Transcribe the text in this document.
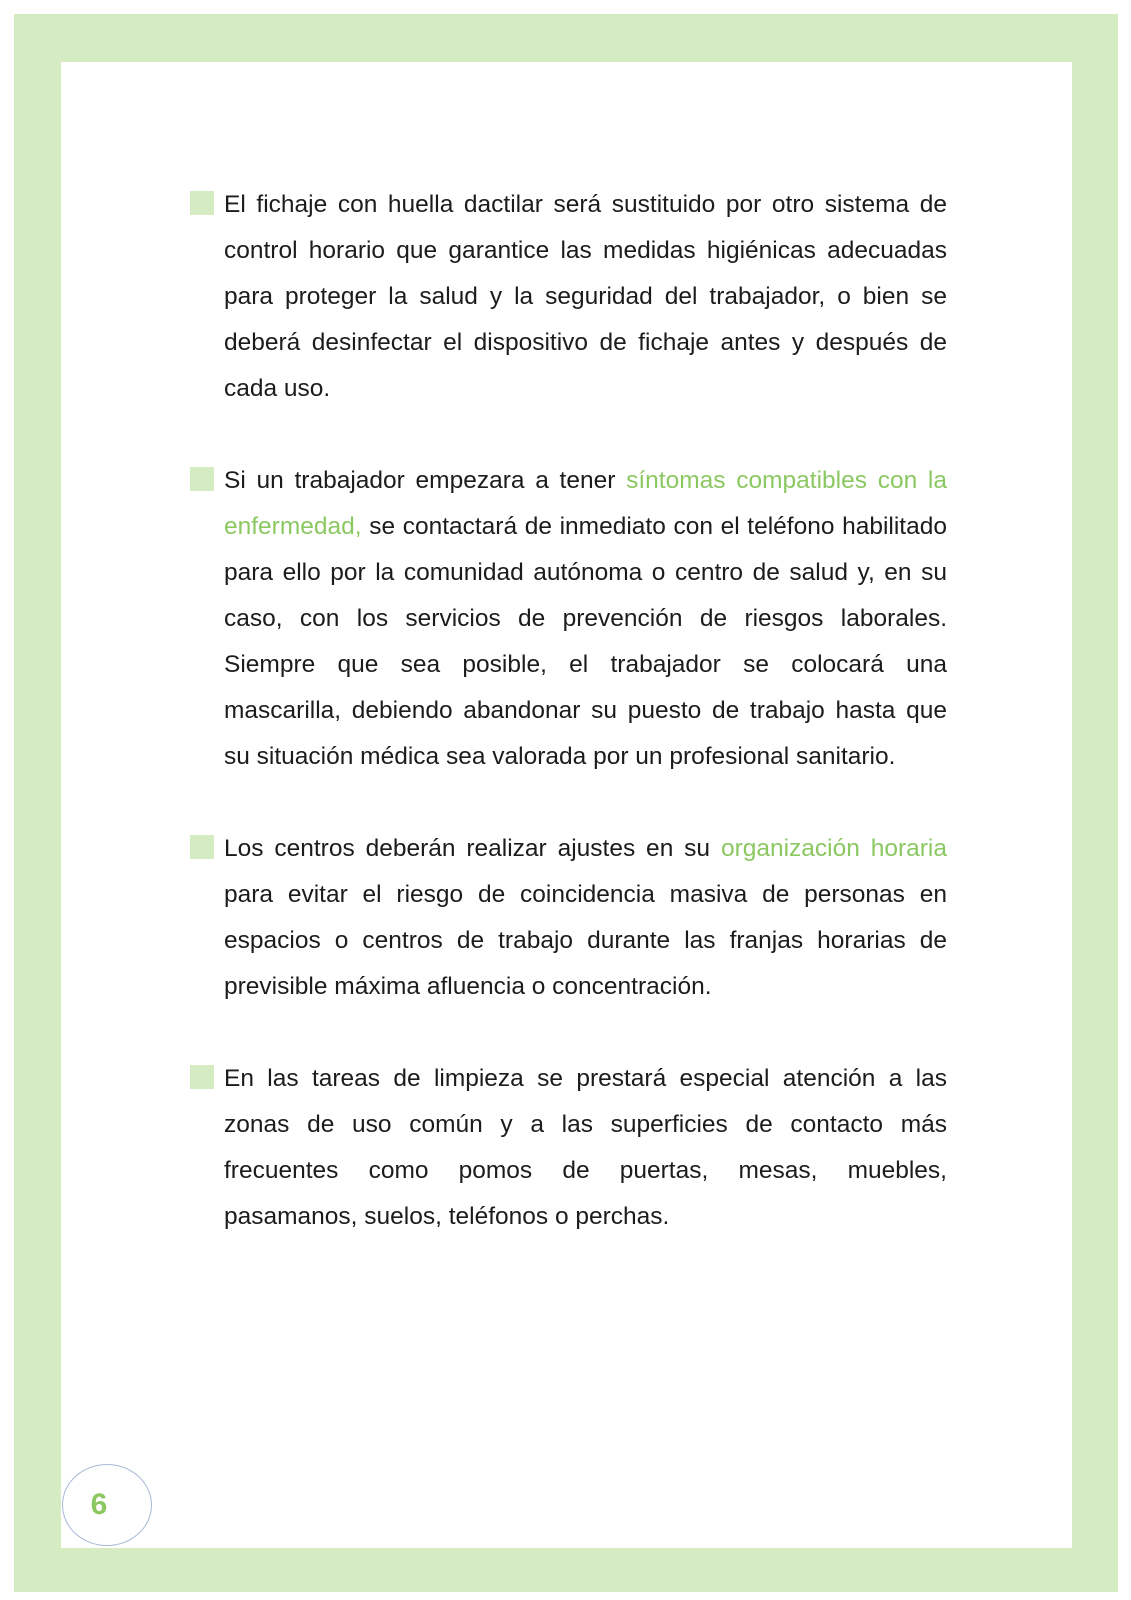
El fichaje con huella dactilar será sustituido por otro sistema de control horario que garantice las medidas higiénicas adecuadas para proteger la salud y la seguridad del trabajador, o bien se deberá desinfectar el dispositivo de fichaje antes y después de cada uso.

Si un trabajador empezara a tener síntomas compatibles con la enfermedad, se contactará de inmediato con el teléfono habilitado para ello por la comunidad autónoma o centro de salud y, en su caso, con los servicios de prevención de riesgos laborales. Siempre que sea posible, el trabajador se colocará una mascarilla, debiendo abandonar su puesto de trabajo hasta que su situación médica sea valorada por un profesional sanitario.

Los centros deberán realizar ajustes en su organización horaria para evitar el riesgo de coincidencia masiva de personas en espacios o centros de trabajo durante las franjas horarias de previsible máxima afluencia o concentración.

En las tareas de limpieza se prestará especial atención a las zonas de uso común y a las superficies de contacto más frecuentes como pomos de puertas, mesas, muebles, pasamanos, suelos, teléfonos o perchas.

6
